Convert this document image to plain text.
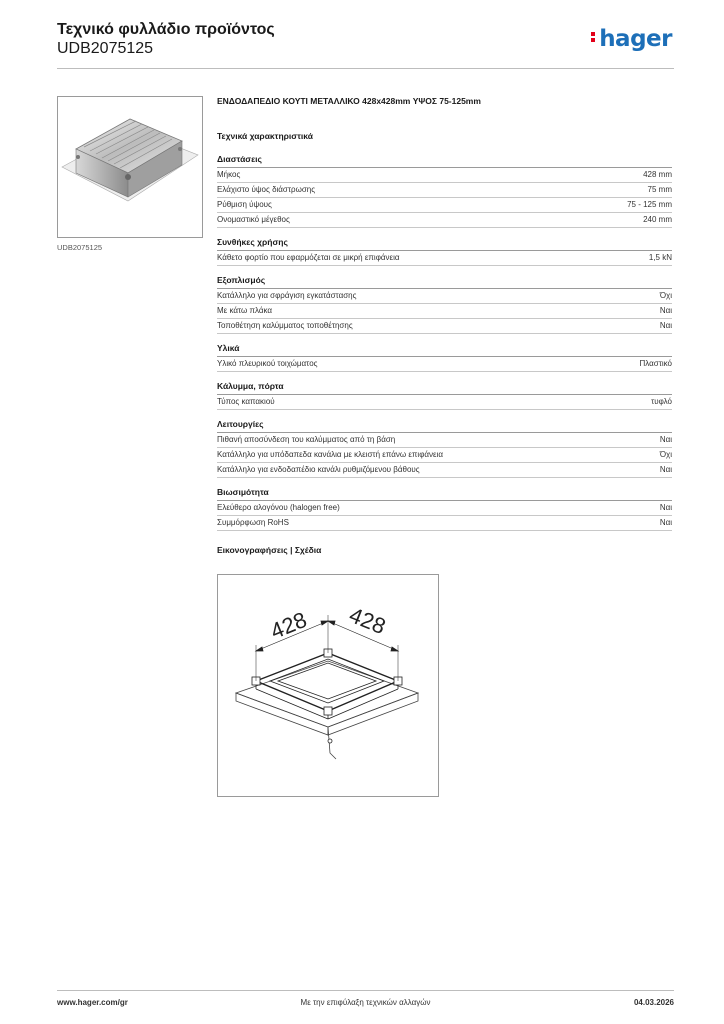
Τεχνικό φυλλάδιο προϊόντος
UDB2075125	hager
UDB2075125
ΕΝΔΟΔΑΠΕΔΙΟ ΚΟΥΤΙ ΜΕΤΑΛΛΙΚΟ 428x428mm ΥΨΟΣ 75-125mm
Τεχνικά χαρακτηριστικά
Διαστάσεις
Μήκος	428 mm
Ελάχιστο ύψος διάστρωσης	75 mm
Ρύθμιση ύψους	75 - 125 mm
Ονομαστικό μέγεθος	240 mm
Συνθήκες χρήσης
Κάθετο φορτίο που εφαρμόζεται σε μικρή επιφάνεια	1,5 kN
Εξοπλισμός
Κατάλληλο για σφράγιση εγκατάστασης	Όχι
Με κάτω πλάκα	Ναι
Τοποθέτηση καλύμματος τοποθέτησης	Ναι
Υλικά
Υλικό πλευρικού τοιχώματος	Πλαστικό
Κάλυμμα, πόρτα
Τύπος καπακιού	τυφλό
Λειτουργίες
Πιθανή αποσύνδεση του καλύμματος από τη βάση	Ναι
Κατάλληλο για υπόδαπεδα κανάλια με κλειστή επάνω επιφάνεια	Όχι
Κατάλληλο για ενδοδαπέδιο κανάλι ρυθμιζόμενου βάθους	Ναι
Βιωσιμότητα
Ελεύθερο αλογόνου (halogen free)	Ναι
Συμμόρφωση RoHS	Ναι
Εικονογραφήσεις | Σχέδια
428 428
www.hager.com/gr	Με την επιφύλαξη τεχνικών αλλαγών	04.03.2026
